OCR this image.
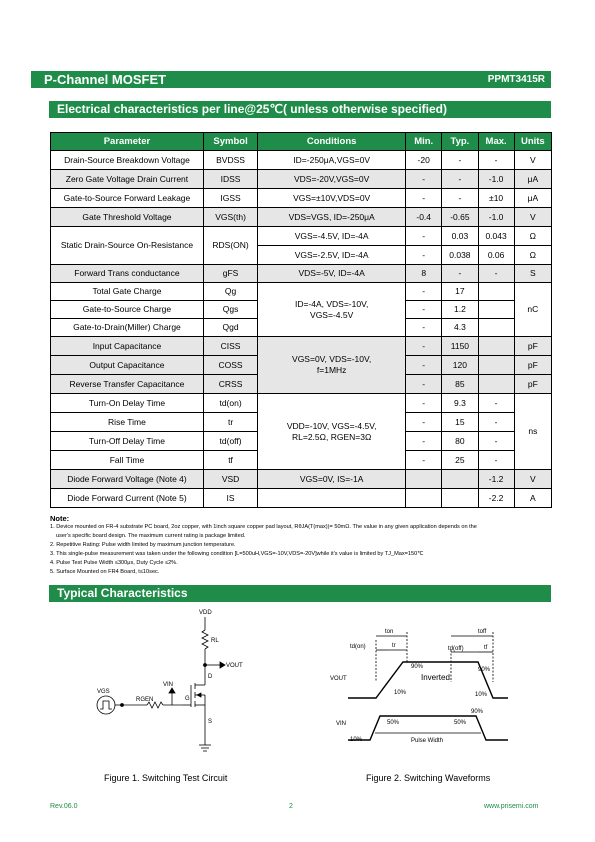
P-Channel MOSFET	PPMT3415R
Electrical characteristics per line@25℃( unless otherwise specified)
Parameter	Symbol	Conditions	Min.	Typ.	Max.	Units
Drain-Source Breakdown Voltage	BVDSS	ID=-250μA,VGS=0V	-20	-	-	V
Zero Gate Voltage Drain Current	IDSS	VDS=-20V,VGS=0V	-	-	-1.0	μA
Gate-to-Source Forward Leakage	IGSS	VGS=±10V,VDS=0V	-	-	±10	μA
Gate Threshold Voltage	VGS(th)	VDS=VGS, ID=-250μA	-0.4	-0.65	-1.0	V
Static Drain-Source On-Resistance	RDS(ON)	VGS=-4.5V, ID=-4A	-	0.03	0.043	Ω
		VGS=-2.5V, ID=-4A	-	0.038	0.06	Ω
Forward Trans conductance	gFS	VDS=-5V, ID=-4A	8	-	-	S
Total Gate Charge	Qg	ID=-4A, VDS=-10V, VGS=-4.5V	-	17		nC
Gate-to-Source Charge	Qgs		-	1.2		
Gate-to-Drain(Miller) Charge	Qgd		-	4.3		
Input Capacitance	CISS	VGS=0V, VDS=-10V, f=1MHz	-	1150		pF
Output Capacitance	COSS		-	120		pF
Reverse Transfer Capacitance	CRSS		-	85		pF
Turn-On Delay Time	td(on)	VDD=-10V, VGS=-4.5V, RL=2.5Ω, RGEN=3Ω	-	9.3	-	ns
Rise Time	tr		-	15	-	
Turn-Off Delay Time	td(off)		-	80	-	
Fall Time	tf		-	25	-	
Diode Forward Voltage (Note 4)	VSD	VGS=0V, IS=-1A			-1.2	V
Diode Forward Current (Note 5)	IS				-2.2	A
Note:
1. Device mounted on FR-4 substrate PC board, 2oz copper, with 1inch square copper pad layout, RθJA(T(max))= 50mΩ. The value in any given application depends on the
user's specific board design. The maximum current rating is package limited.
2. Repetitive Rating: Pulse width limited by maximum junction temperature.
3. This single-pulse measurement was taken under the following condition [L=500uH,VGS=-10V,VDS=-20V]while it's value is limited by TJ_Max=150℃
4. Pulse Test Pulse Width ≤300μs, Duty Cycle ≤2%.
5. Surface Mounted on FR4 Board, t≤10sec.
Typical Characteristics
VDD
RL
VOUT
D
G
S
VIN
RGEN
VGS
Figure 1. Switching Test Circuit
ton	toff
td(on)	tr	td(off)	tf
VOUT	Inverted
90%
10%
90%
10%
VIN	50%	50%
90%
10%	Pulse Width
Figure 2. Switching Waveforms
Rev.06.0	2	www.prisemi.com
